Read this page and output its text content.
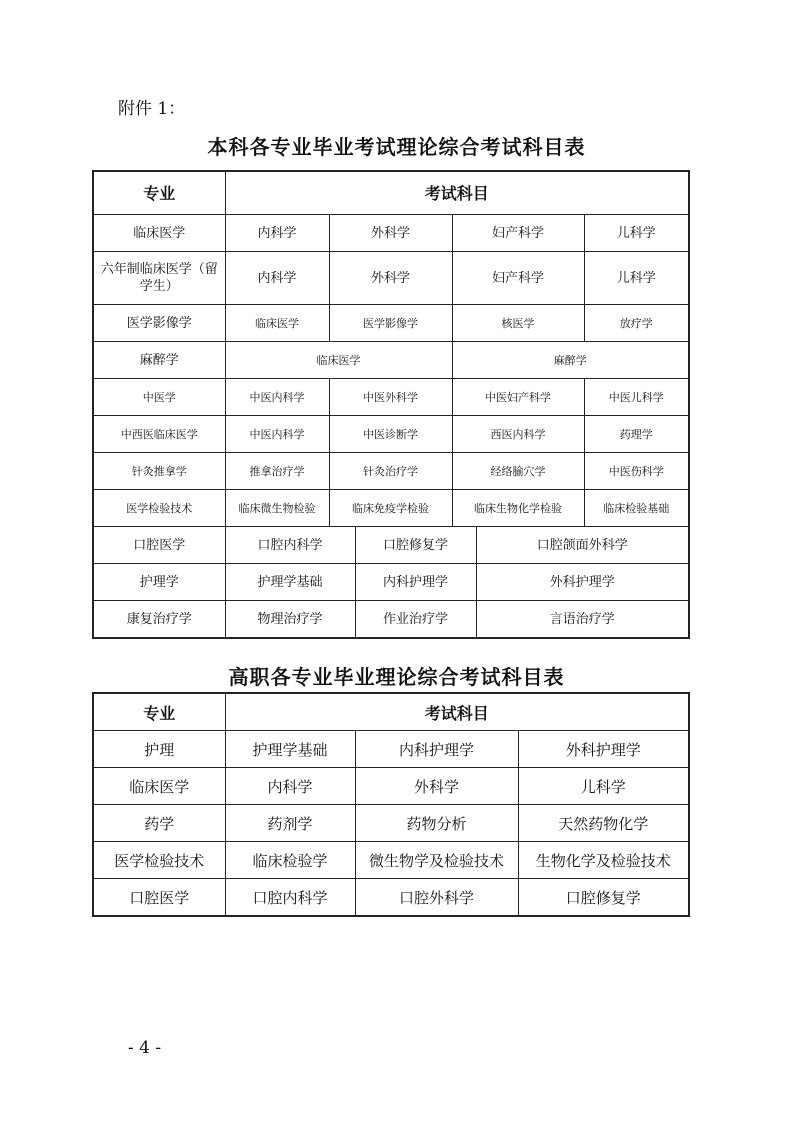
附件 1：
本科各专业毕业考试理论综合考试科目表
专业	考试科目					
临床医学	内科学	外科学		妇产科学		儿科学
六年制临床医学（留学生）	内科学	外科学		妇产科学		儿科学
医学影像学	临床医学	医学影像学		核医学		放疗学
麻醉学	临床医学			麻醉学		
中医学	中医内科学	中医外科学		中医妇产科学		中医儿科学
中西医临床医学	中医内科学	中医诊断学		西医内科学		药理学
针灸推拿学	推拿治疗学	针灸治疗学		经络腧穴学		中医伤科学
医学检验技术	临床微生物检验	临床免疫学检验		临床生物化学检验		临床检验基础
口腔医学	口腔内科学		口腔修复学		口腔颌面外科学	
护理学	护理学基础		内科护理学		外科护理学	
康复治疗学	物理治疗学		作业治疗学		言语治疗学	
高职各专业毕业理论综合考试科目表
专业	考试科目		
护理	护理学基础	内科护理学	外科护理学
临床医学	内科学	外科学	儿科学
药学	药剂学	药物分析	天然药物化学
医学检验技术	临床检验学	微生物学及检验技术	生物化学及检验技术
口腔医学	口腔内科学	口腔外科学	口腔修复学
- 4 -
